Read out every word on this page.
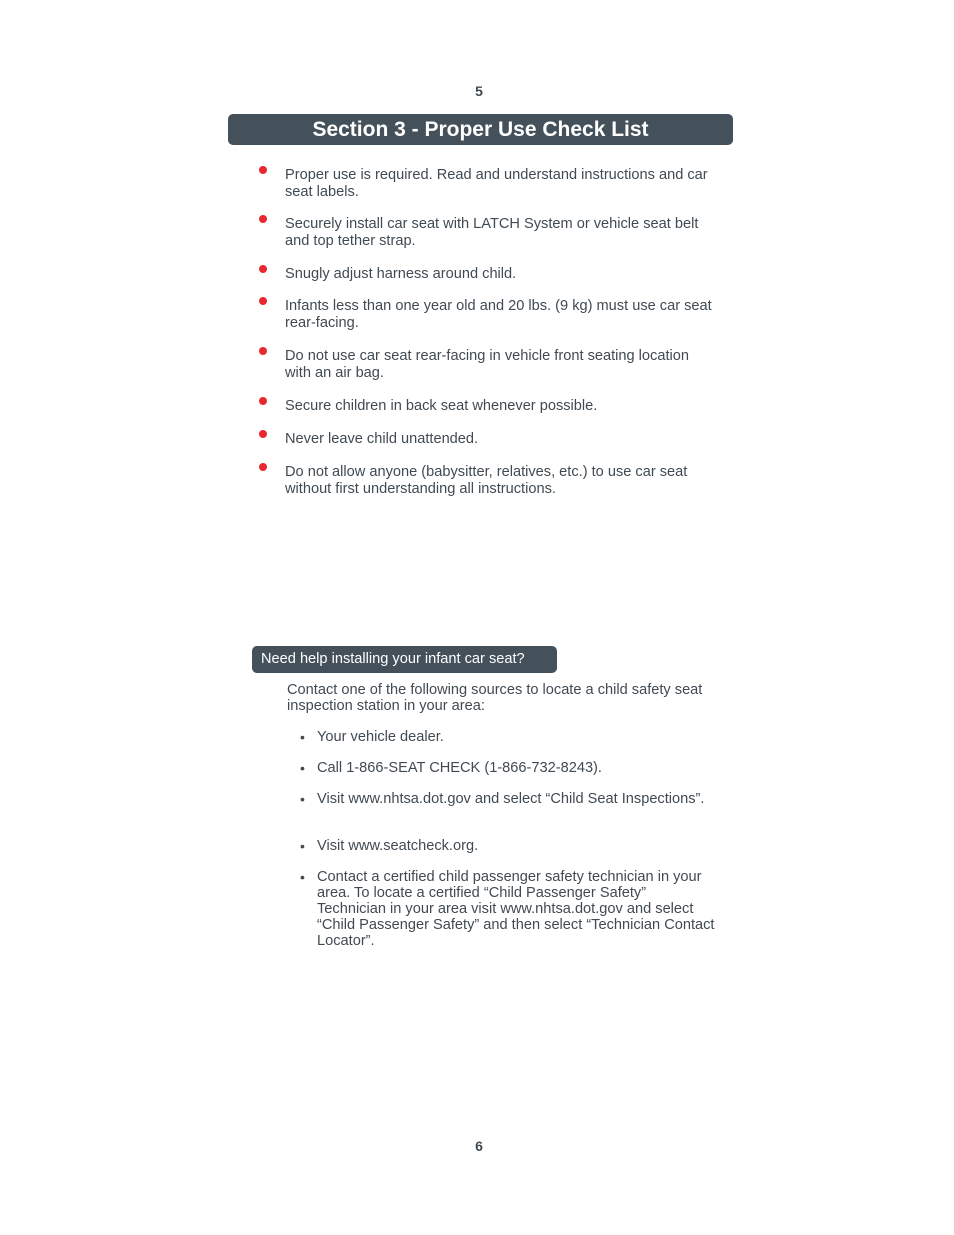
5
Section 3 - Proper Use Check List
Proper use is required. Read and understand instructions and car seat labels.
Securely install car seat with LATCH System or vehicle seat belt and top tether strap.
Snugly adjust harness around child.
Infants less than one year old and 20 lbs. (9 kg) must use car seat rear-facing.
Do not use car seat rear-facing in vehicle front seating location with an air bag.
Secure children in back seat whenever possible.
Never leave child unattended.
Do not allow anyone (babysitter, relatives, etc.) to use car seat without first understanding all instructions.
Need help installing your infant car seat?
Contact one of the following sources to locate a child safety seat inspection station in your area:
• Your vehicle dealer.
• Call 1-866-SEAT CHECK (1-866-732-8243).
• Visit www.nhtsa.dot.gov and select “Child Seat Inspections”.
• Visit www.seatcheck.org.
• Contact a certified child passenger safety technician in your area. To locate a certified “Child Passenger Safety” Technician in your area visit www.nhtsa.dot.gov and select “Child Passenger Safety” and then select “Technician Contact Locator”.
6
